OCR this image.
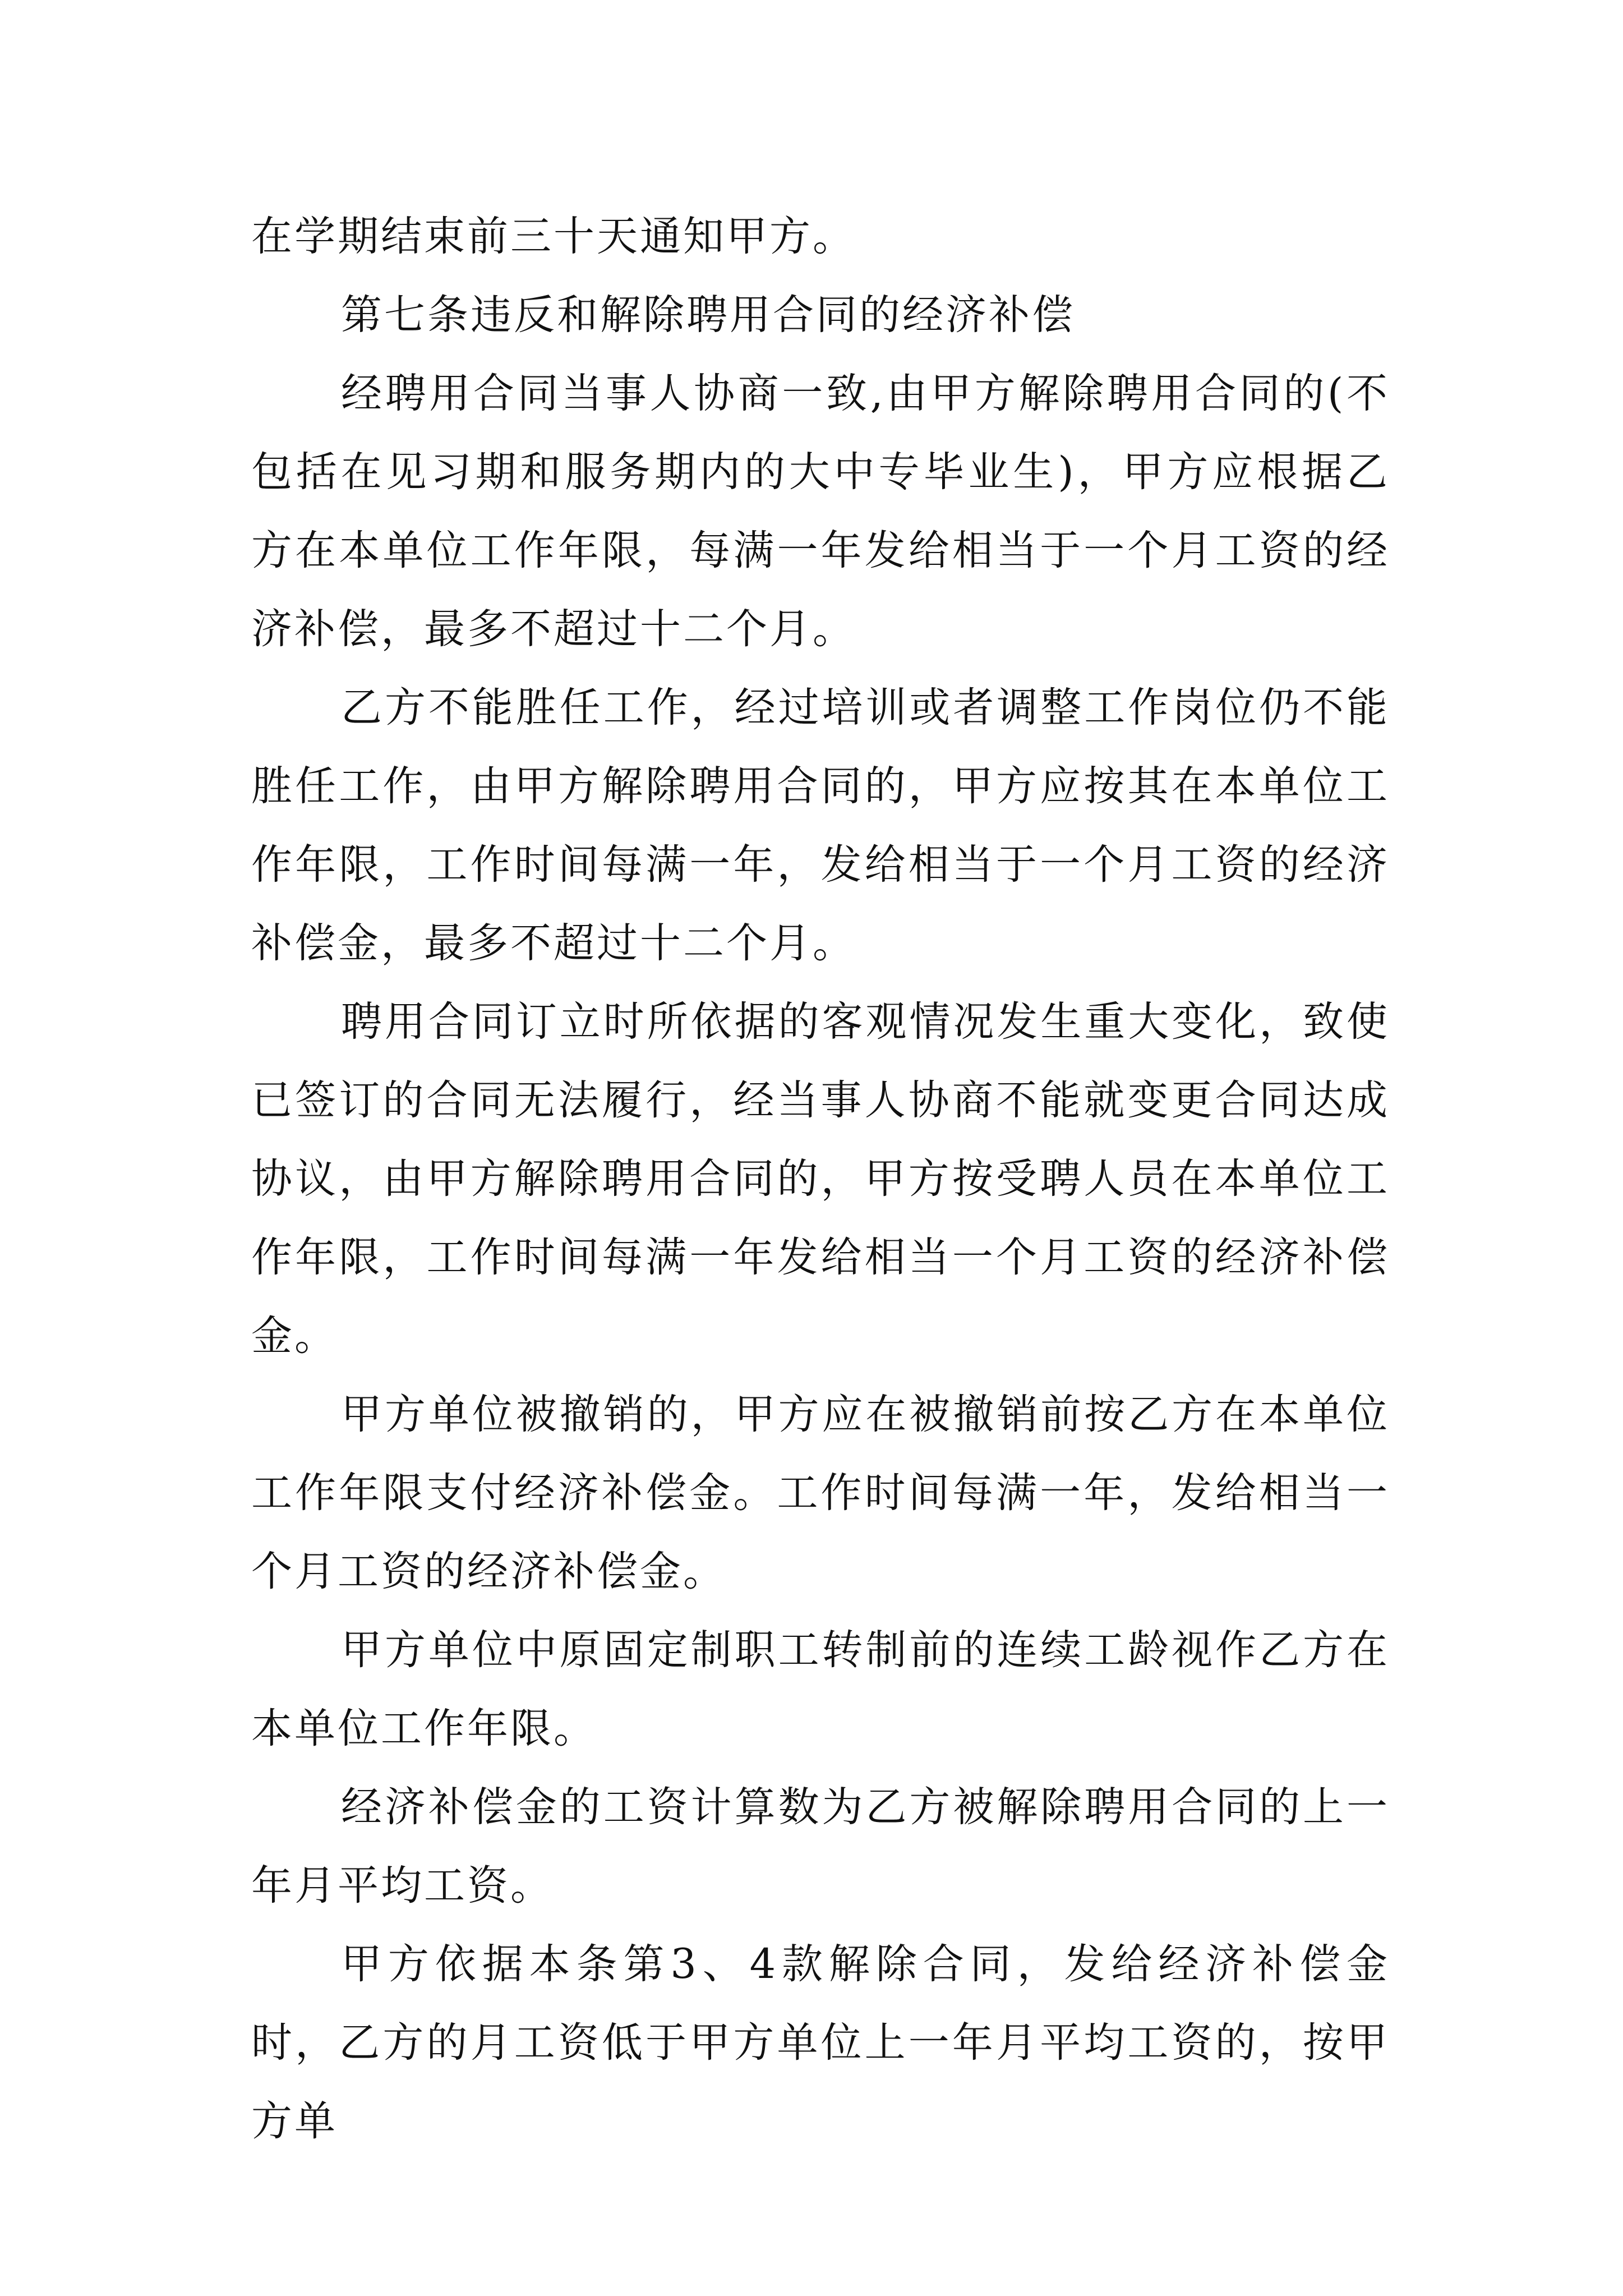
在学期结束前三十天通知甲方。

第七条违反和解除聘用合同的经济补偿

经聘用合同当事人协商一致,由甲方解除聘用合同的(不包括在见习期和服务期内的大中专毕业生)，甲方应根据乙方在本单位工作年限，每满一年发给相当于一个月工资的经济补偿，最多不超过十二个月。

乙方不能胜任工作，经过培训或者调整工作岗位仍不能胜任工作，由甲方解除聘用合同的，甲方应按其在本单位工作年限，工作时间每满一年，发给相当于一个月工资的经济补偿金，最多不超过十二个月。

聘用合同订立时所依据的客观情况发生重大变化，致使已签订的合同无法履行，经当事人协商不能就变更合同达成协议，由甲方解除聘用合同的，甲方按受聘人员在本单位工作年限，工作时间每满一年发给相当一个月工资的经济补偿金。

甲方单位被撤销的，甲方应在被撤销前按乙方在本单位工作年限支付经济补偿金。工作时间每满一年，发给相当一个月工资的经济补偿金。

甲方单位中原固定制职工转制前的连续工龄视作乙方在本单位工作年限。

经济补偿金的工资计算数为乙方被解除聘用合同的上一年月平均工资。

甲方依据本条第3、4款解除合同，发给经济补偿金时，乙方的月工资低于甲方单位上一年月平均工资的，按甲方单
